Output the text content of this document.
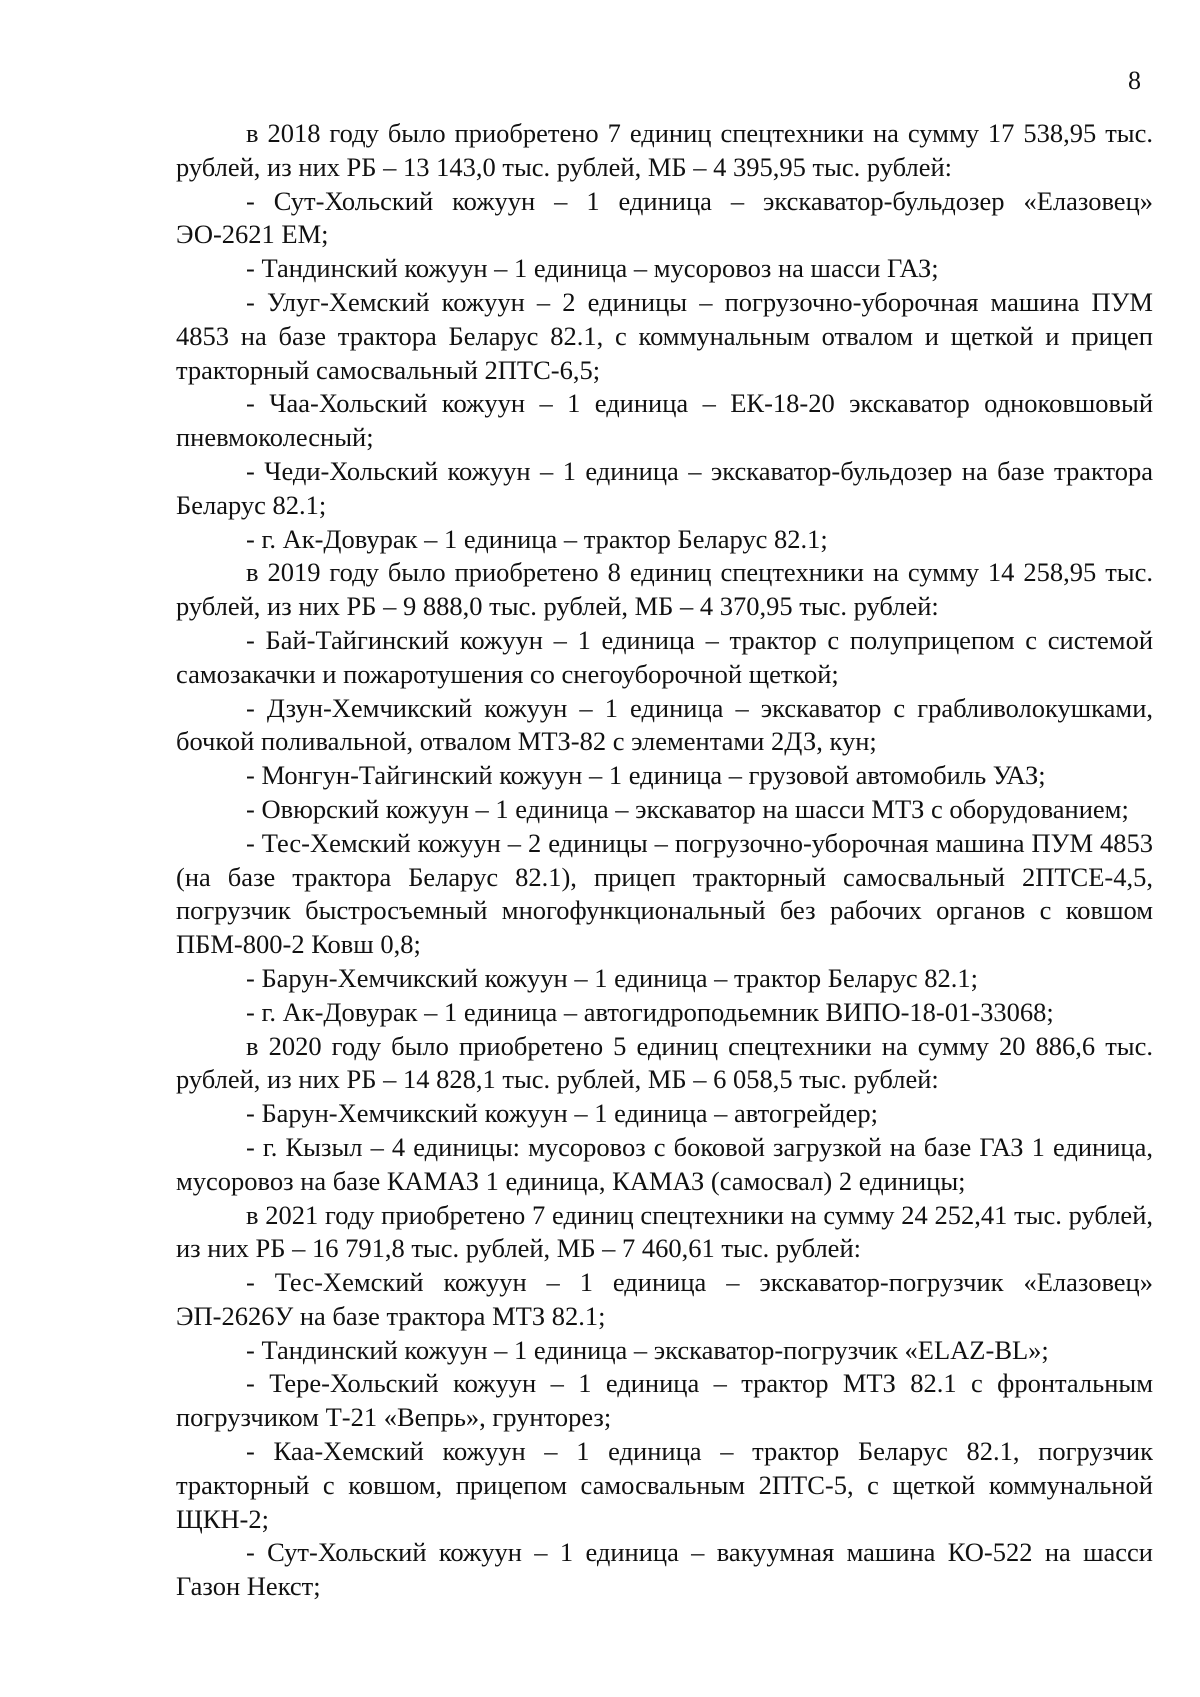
8

в 2018 году было приобретено 7 единиц спецтехники на сумму 17 538,95 тыс. рублей, из них РБ – 13 143,0 тыс. рублей, МБ – 4 395,95 тыс. рублей:

- Сут-Хольский кожуун – 1 единица – экскаватор-бульдозер «Елазовец» ЭО-2621 ЕМ;

- Тандинский кожуун – 1 единица – мусоровоз на шасси ГАЗ;

- Улуг-Хемский кожуун – 2 единицы – погрузочно-уборочная машина ПУМ 4853 на базе трактора Беларус 82.1, с коммунальным отвалом и щеткой и прицеп тракторный самосвальный 2ПТС-6,5;

- Чаа-Хольский кожуун – 1 единица – ЕК-18-20 экскаватор одноковшовый пневмоколесный;

- Чеди-Хольский кожуун – 1 единица – экскаватор-бульдозер на базе трактора Беларус 82.1;

- г. Ак-Довурак – 1 единица – трактор Беларус 82.1;

в 2019 году было приобретено 8 единиц спецтехники на сумму 14 258,95 тыс. рублей, из них РБ – 9 888,0 тыс. рублей, МБ – 4 370,95 тыс. рублей:

- Бай-Тайгинский кожуун – 1 единица – трактор с полуприцепом с системой самозакачки и пожаротушения со снегоуборочной щеткой;

- Дзун-Хемчикский кожуун – 1 единица – экскаватор с грабливолокушками, бочкой поливальной, отвалом МТЗ-82 с элементами 2ДЗ, кун;

- Монгун-Тайгинский кожуун – 1 единица – грузовой автомобиль УАЗ;

- Овюрский кожуун – 1 единица – экскаватор на шасси МТЗ с оборудованием;

- Тес-Хемский кожуун – 2 единицы – погрузочно-уборочная машина ПУМ 4853 (на базе трактора Беларус 82.1), прицеп тракторный самосвальный 2ПТСЕ-4,5, погрузчик быстросъемный многофункциональный без рабочих органов с ковшом ПБМ-800-2 Ковш 0,8;

- Барун-Хемчикский кожуун – 1 единица – трактор Беларус 82.1;

- г. Ак-Довурак – 1 единица – автогидроподьемник ВИПО-18-01-33068;

в 2020 году было приобретено 5 единиц спецтехники на сумму 20 886,6 тыс. рублей, из них РБ – 14 828,1 тыс. рублей, МБ – 6 058,5 тыс. рублей:

- Барун-Хемчикский кожуун – 1 единица – автогрейдер;

- г. Кызыл – 4 единицы: мусоровоз с боковой загрузкой на базе ГАЗ 1 единица, мусоровоз на базе КАМАЗ 1 единица, КАМАЗ (самосвал) 2 единицы;

в 2021 году приобретено 7 единиц спецтехники на сумму 24 252,41 тыс. рублей, из них РБ – 16 791,8 тыс. рублей, МБ – 7 460,61 тыс. рублей:

- Тес-Хемский кожуун – 1 единица – экскаватор-погрузчик «Елазовец» ЭП-2626У на базе трактора МТЗ 82.1;

- Тандинский кожуун – 1 единица – экскаватор-погрузчик «ELAZ-BL»;

- Тере-Хольский кожуун – 1 единица – трактор МТЗ 82.1 с фронтальным погрузчиком Т-21 «Вепрь», грунторез;

- Каа-Хемский кожуун – 1 единица – трактор Беларус 82.1, погрузчик тракторный с ковшом, прицепом самосвальным 2ПТС-5, с щеткой коммунальной ЩКН-2;

- Сут-Хольский кожуун – 1 единица – вакуумная машина КО-522 на шасси Газон Некст;
